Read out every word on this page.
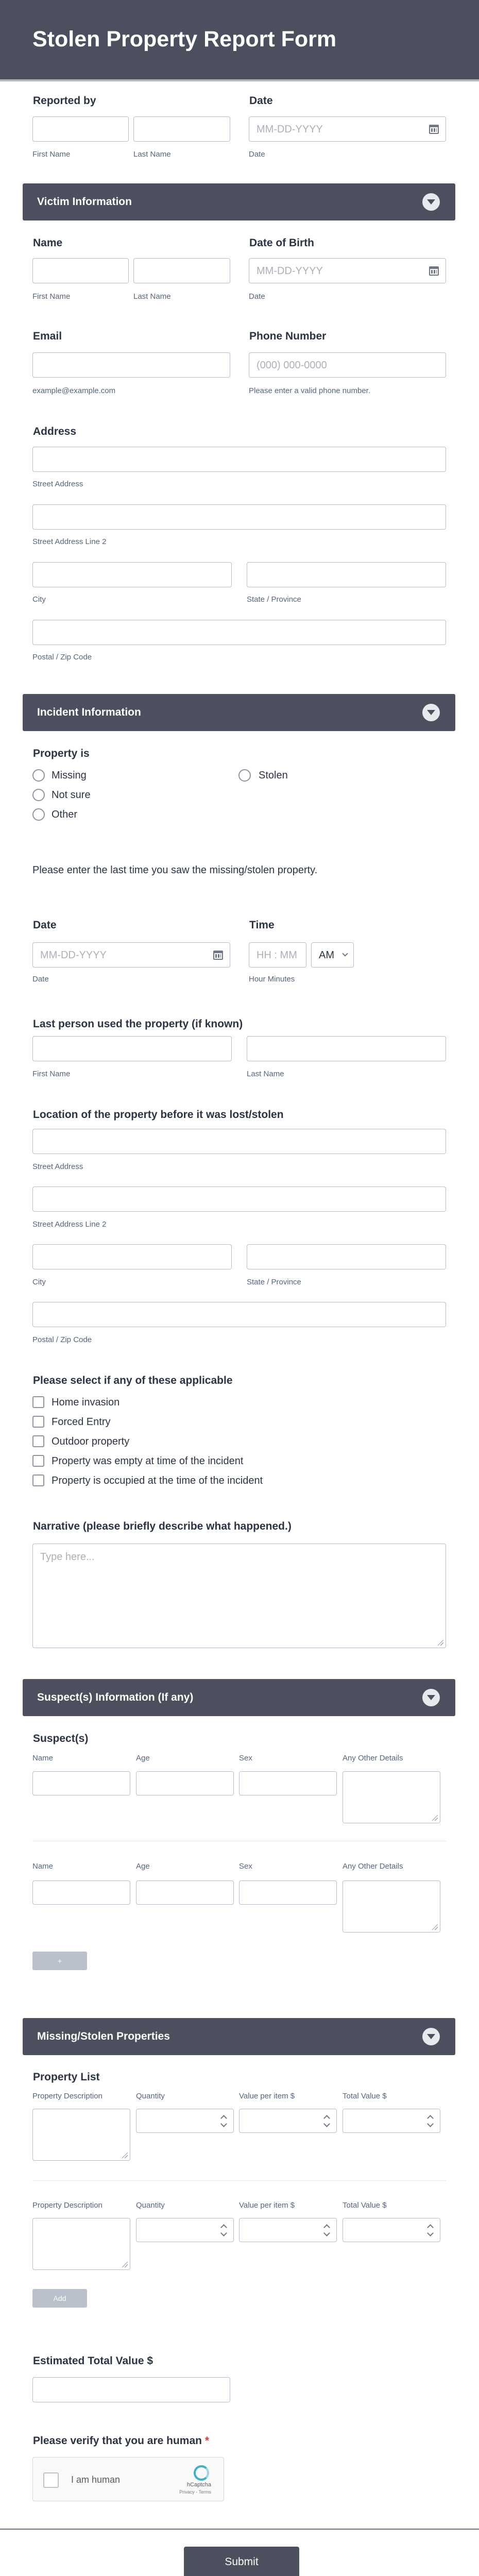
Stolen Property Report Form
Reported by
First Name	Last Name
Date
MM-DD-YYYY
Date
Victim Information
Name
First Name	Last Name
Date of Birth
MM-DD-YYYY
Date
Email
example@example.com
Phone Number
(000) 000-0000
Please enter a valid phone number.
Address
Street Address
Street Address Line 2
City	State / Province
Postal / Zip Code
Incident Information
Property is
Missing	Stolen
Not sure
Other
Please enter the last time you saw the missing/stolen property.
Date
MM-DD-YYYY
Date
Time
HH : MM AM
Hour Minutes
Last person used the property (if known)
First Name	Last Name
Location of the property before it was lost/stolen
Street Address
Street Address Line 2
City	State / Province
Postal / Zip Code
Please select if any of these applicable
Home invasion
Forced Entry
Outdoor property
Property was empty at time of the incident
Property is occupied at the time of the incident
Narrative (please briefly describe what happened.)
Type here...
Suspect(s) Information (If any)
Suspect(s)
Name	Age	Sex	Any Other Details
Name	Age	Sex	Any Other Details
+
Missing/Stolen Properties
Property List
Property Description	Quantity	Value per item $	Total Value $
Property Description	Quantity	Value per item $	Total Value $
Add
Estimated Total Value $
Please verify that you are human *
I am human	hCaptcha
Privacy - Terms
Submit
